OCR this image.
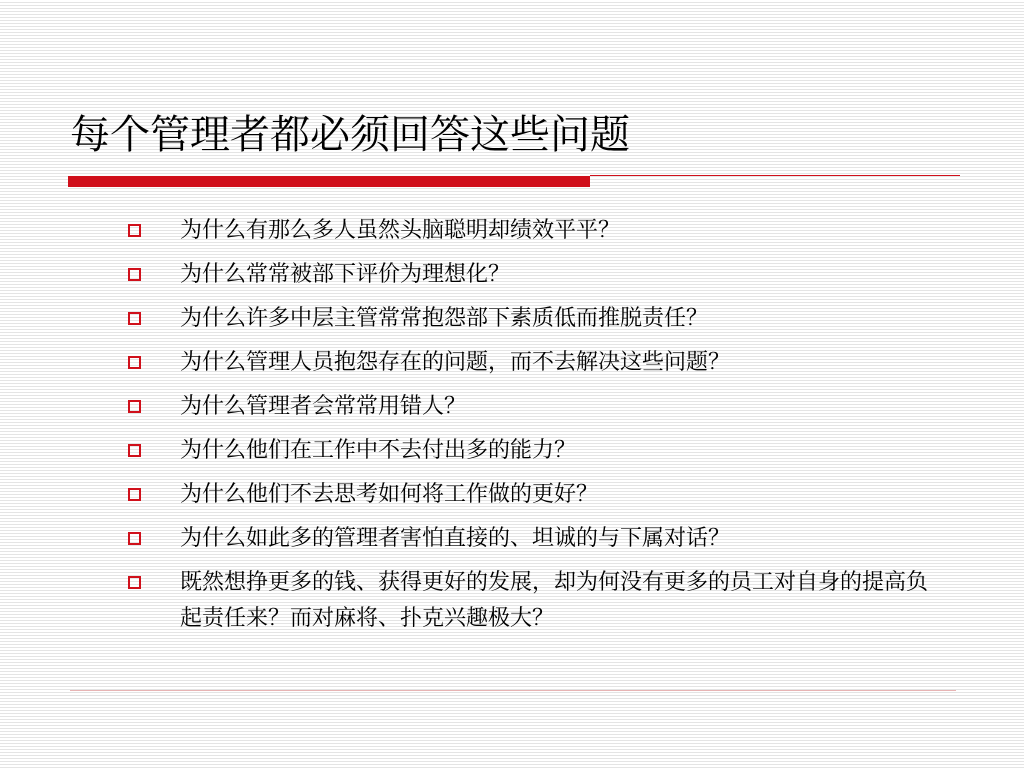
每个管理者都必须回答这些问题
为什么有那么多人虽然头脑聪明却绩效平平？
为什么常常被部下评价为理想化？
为什么许多中层主管常常抱怨部下素质低而推脱责任？
为什么管理人员抱怨存在的问题，而不去解决这些问题？
为什么管理者会常常用错人？
为什么他们在工作中不去付出多的能力？
为什么他们不去思考如何将工作做的更好？
为什么如此多的管理者害怕直接的、坦诚的与下属对话？
既然想挣更多的钱、获得更好的发展，却为何没有更多的员工对自身的提高负起责任来？而对麻将、扑克兴趣极大？
